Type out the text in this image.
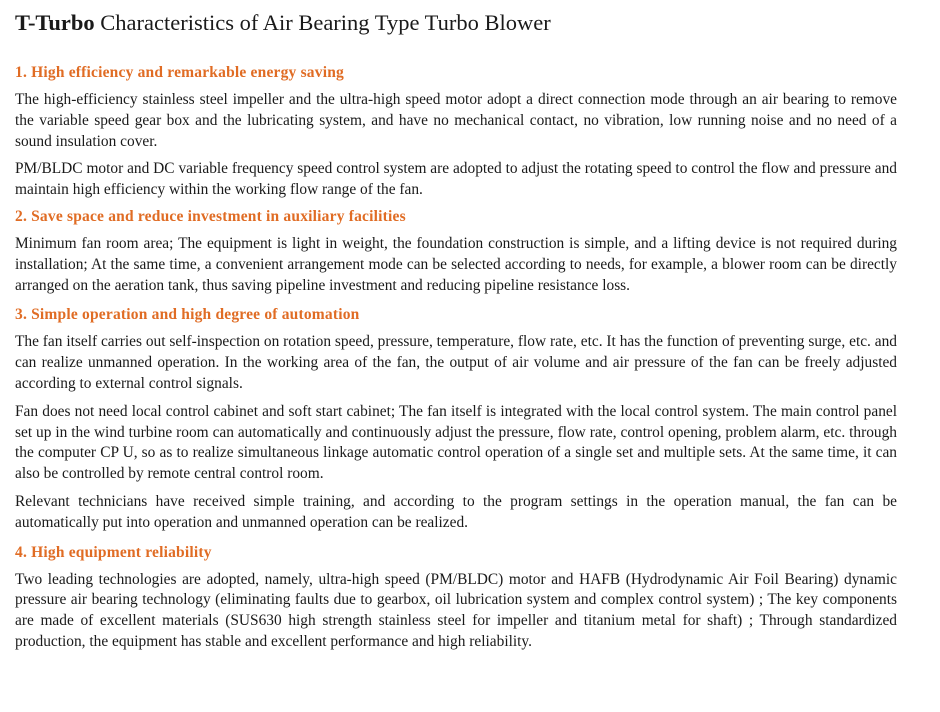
T-Turbo Characteristics of Air Bearing Type Turbo Blower
1. High efficiency and remarkable energy saving

The high-efficiency stainless steel impeller and the ultra-high speed motor adopt a direct connection mode through an air bearing to remove the variable speed gear box and the lubricating system, and have no mechanical contact, no vibration, low running noise and no need of a sound insulation cover.

PM/BLDC motor and DC variable frequency speed control system are adopted to adjust the rotating speed to control the flow and pressure and maintain high efficiency within the working flow range of the fan.

2. Save space and reduce investment in auxiliary facilities

Minimum fan room area; The equipment is light in weight, the foundation construction is simple, and a lifting device is not required during installation; At the same time, a convenient arrangement mode can be selected according to needs, for example, a blower room can be directly arranged on the aeration tank, thus saving pipeline investment and reducing pipeline resistance loss.

3. Simple operation and high degree of automation

The fan itself carries out self-inspection on rotation speed, pressure, temperature, flow rate, etc. It has the function of preventing surge, etc. and can realize unmanned operation. In the working area of the fan, the output of air volume and air pressure of the fan can be freely adjusted according to external control signals.

Fan does not need local control cabinet and soft start cabinet; The fan itself is integrated with the local control system. The main control panel set up in the wind turbine room can automatically and continuously adjust the pressure, flow rate, control opening, problem alarm, etc. through the computer CP U, so as to realize simultaneous linkage automatic control operation of a single set and multiple sets. At the same time, it can also be controlled by remote central control room.

Relevant technicians have received simple training, and according to the program settings in the operation manual, the fan can be automatically put into operation and unmanned operation can be realized.

4. High equipment reliability

Two leading technologies are adopted, namely, ultra-high speed (PM/BLDC) motor and HAFB (Hydrodynamic Air Foil Bearing) dynamic pressure air bearing technology (eliminating faults due to gearbox, oil lubrication system and complex control system) ; The key components are made of excellent materials (SUS630 high strength stainless steel for impeller and titanium metal for shaft) ; Through standardized production, the equipment has stable and excellent performance and high reliability.
